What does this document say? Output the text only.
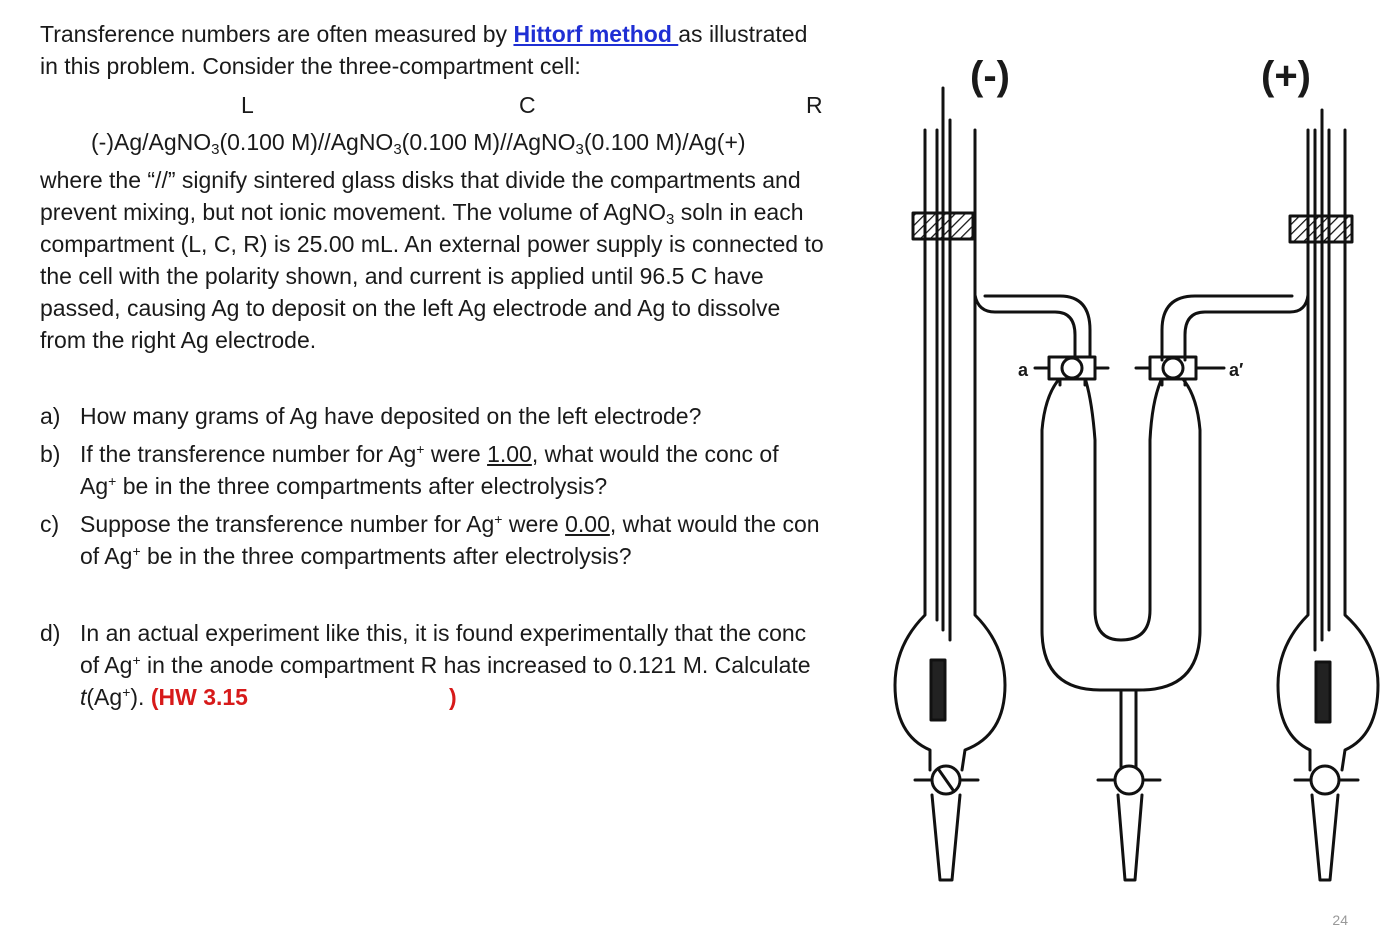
Transference numbers are often measured by Hittorf method as illustrated
in this problem. Consider the three-compartment cell:
L	C	R
(-)Ag/AgNO$_3$(0.100 M)//AgNO$_3$(0.100 M)//AgNO$_3$(0.100 M)/Ag(+)
where the “//” signify sintered glass disks that divide the compartments and
prevent mixing, but not ionic movement. The volume of AgNO$_3$ soln in each
compartment (L, C, R) is 25.00 mL. An external power supply is connected to
the cell with the polarity shown, and current is applied until 96.5 C have
passed, causing Ag to deposit on the left Ag electrode and Ag to dissolve
from the right Ag electrode.
a) How many grams of Ag have deposited on the left electrode?
b) If the transference number for Ag+ were 1.00, what would the conc of
Ag+ be in the three compartments after electrolysis?
c) Suppose the transference number for Ag+ were 0.00, what would the con
of Ag+ be in the three compartments after electrolysis?
d) In an actual experiment like this, it is found experimentally that the conc
of Ag+ in the anode compartment R has increased to 0.121 M. Calculate
t(Ag+). (HW 3.15	)
(-)	(+)
a	a′
24
